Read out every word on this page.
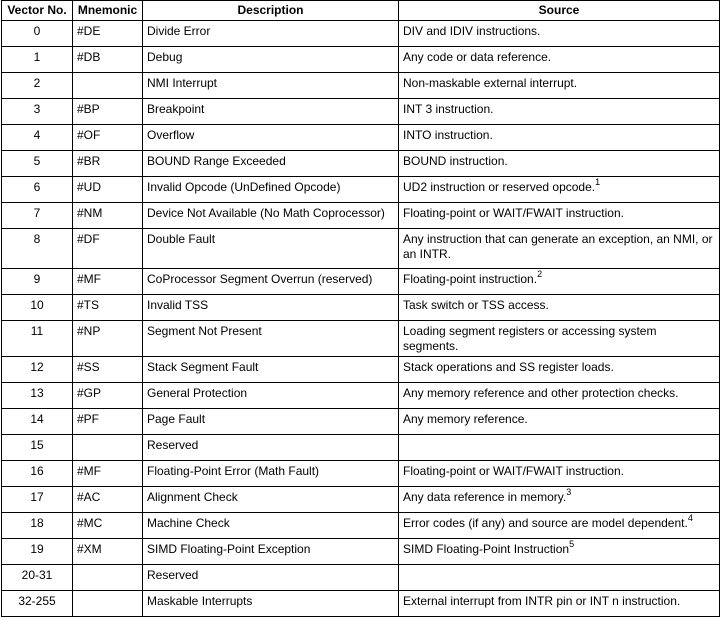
Vector No.	Mnemonic	Description	Source
0	#DE	Divide Error	DIV and IDIV instructions.
1	#DB	Debug	Any code or data reference.
2		NMI Interrupt	Non-maskable external interrupt.
3	#BP	Breakpoint	INT 3 instruction.
4	#OF	Overflow	INTO instruction.
5	#BR	BOUND Range Exceeded	BOUND instruction.
6	#UD	Invalid Opcode (UnDefined Opcode)	UD2 instruction or reserved opcode.$^1$
7	#NM	Device Not Available (No Math Coprocessor)	Floating-point or WAIT/FWAIT instruction.
8	#DF	Double Fault	Any instruction that can generate an exception, an NMI, or an INTR.
9	#MF	CoProcessor Segment Overrun (reserved)	Floating-point instruction.$^2$
10	#TS	Invalid TSS	Task switch or TSS access.
11	#NP	Segment Not Present	Loading segment registers or accessing system segments.
12	#SS	Stack Segment Fault	Stack operations and SS register loads.
13	#GP	General Protection	Any memory reference and other protection checks.
14	#PF	Page Fault	Any memory reference.
15		Reserved	
16	#MF	Floating-Point Error (Math Fault)	Floating-point or WAIT/FWAIT instruction.
17	#AC	Alignment Check	Any data reference in memory.$^3$
18	#MC	Machine Check	Error codes (if any) and source are model dependent.$^4$
19	#XM	SIMD Floating-Point Exception	SIMD Floating-Point Instruction$^5$
20-31		Reserved	
32-255		Maskable Interrupts	External interrupt from INTR pin or INT n instruction.
